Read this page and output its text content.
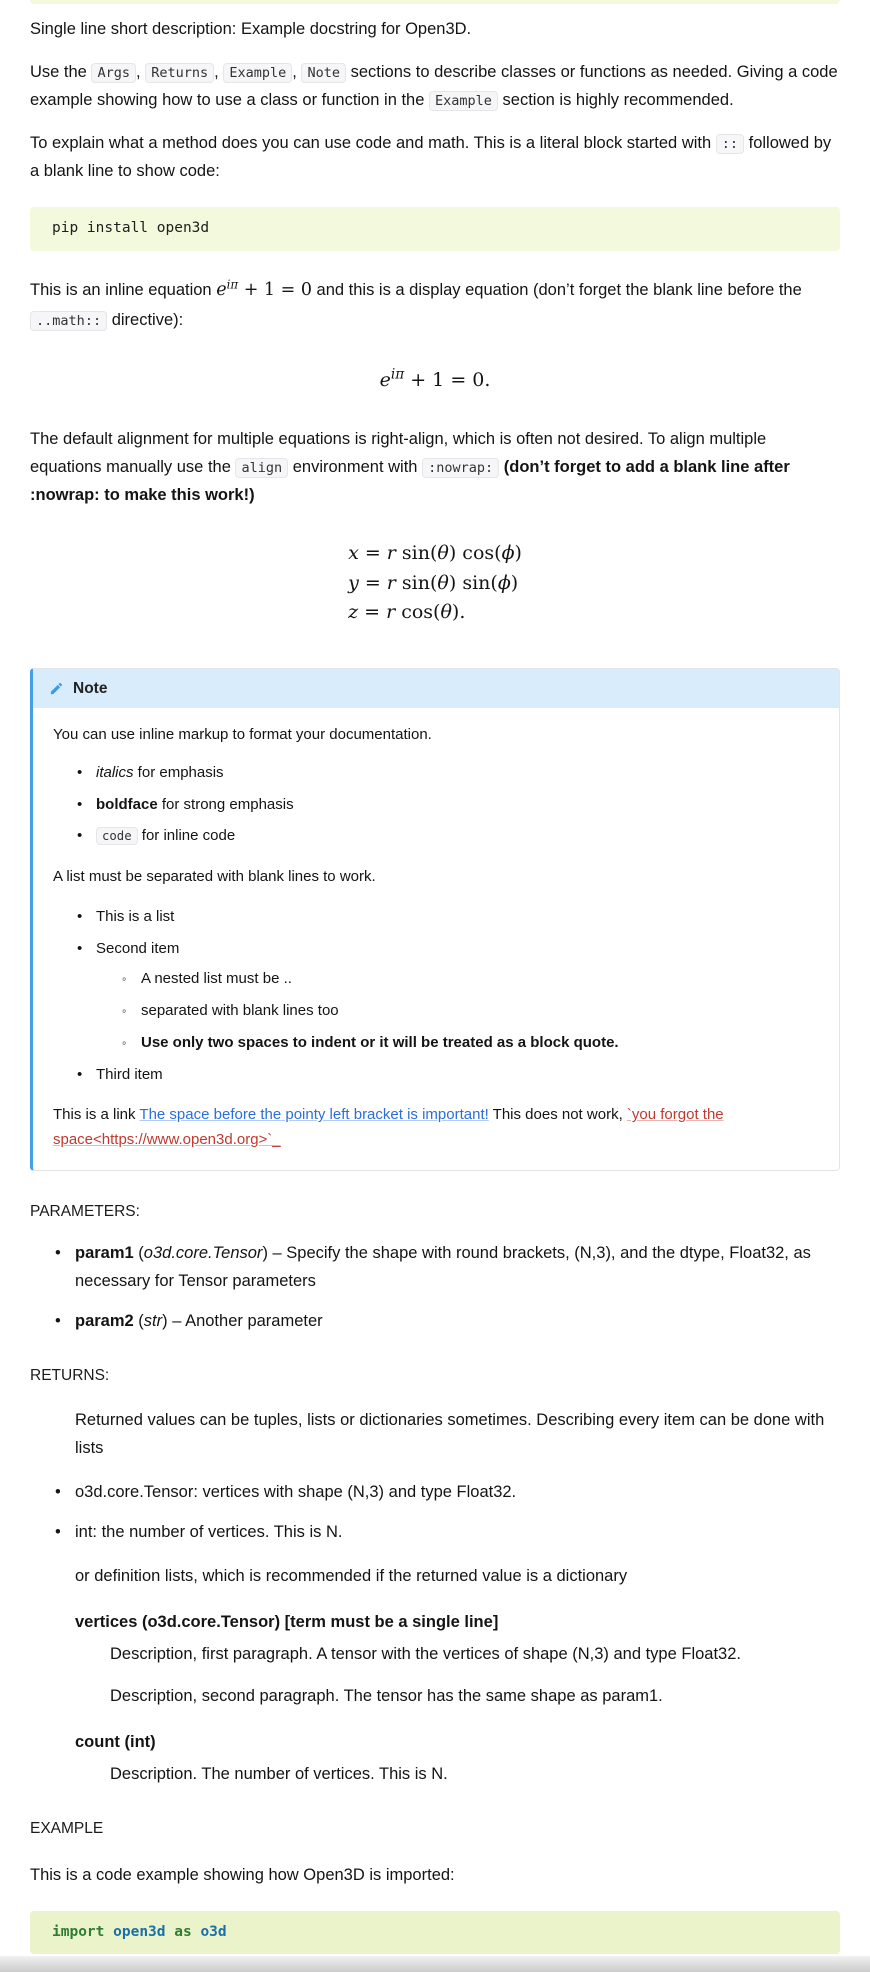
Single line short description: Example docstring for Open3D.

Use the Args , Returns , Example , Note sections to describe classes or functions as needed. Giving a code example showing how to use a class or function in the Example section is highly recommended.

To explain what a method does you can use code and math. This is a literal block started with :: followed by a blank line to show code:

pip install open3d

This is an inline equation $e^{i\pi} + 1 = 0$ and this is a display equation (don’t forget the blank line before the ..math:: directive):

$e^{i\pi} + 1 = 0$.

The default alignment for multiple equations is right-align, which is often not desired. To align multiple equations manually use the align environment with :nowrap: (don’t forget to add a blank line after :nowrap: to make this work!)

x = r sin(θ) cos(ϕ)
y = r sin(θ) sin(ϕ)
z = r cos(θ).
Note

You can use inline markup to format your documentation.

• italics for emphasis
• boldface for strong emphasis
• code for inline code

A list must be separated with blank lines to work.

• This is a list
• Second item
◦ A nested list must be ..
◦ separated with blank lines too
◦ Use only two spaces to indent or it will be treated as a block quote.
• Third item

This is a link The space before the pointy left bracket is important! This does not work, `you forgot the space<https://www.open3d.org>`_

PARAMETERS:
• param1 (o3d.core.Tensor) – Specify the shape with round brackets, (N,3), and the dtype, Float32, as necessary for Tensor parameters
• param2 (str) – Another parameter
RETURNS:
Returned values can be tuples, lists or dictionaries sometimes. Describing every item can be done with lists
• o3d.core.Tensor: vertices with shape (N,3) and type Float32.
• int: the number of vertices. This is N.
or definition lists, which is recommended if the returned value is a dictionary
vertices (o3d.core.Tensor) [term must be a single line]
Description, first paragraph. A tensor with the vertices of shape (N,3) and type Float32.
Description, second paragraph. The tensor has the same shape as param1.
count (int)
Description. The number of vertices. This is N.
EXAMPLE

This is a code example showing how Open3D is imported:

import open3d as o3d
